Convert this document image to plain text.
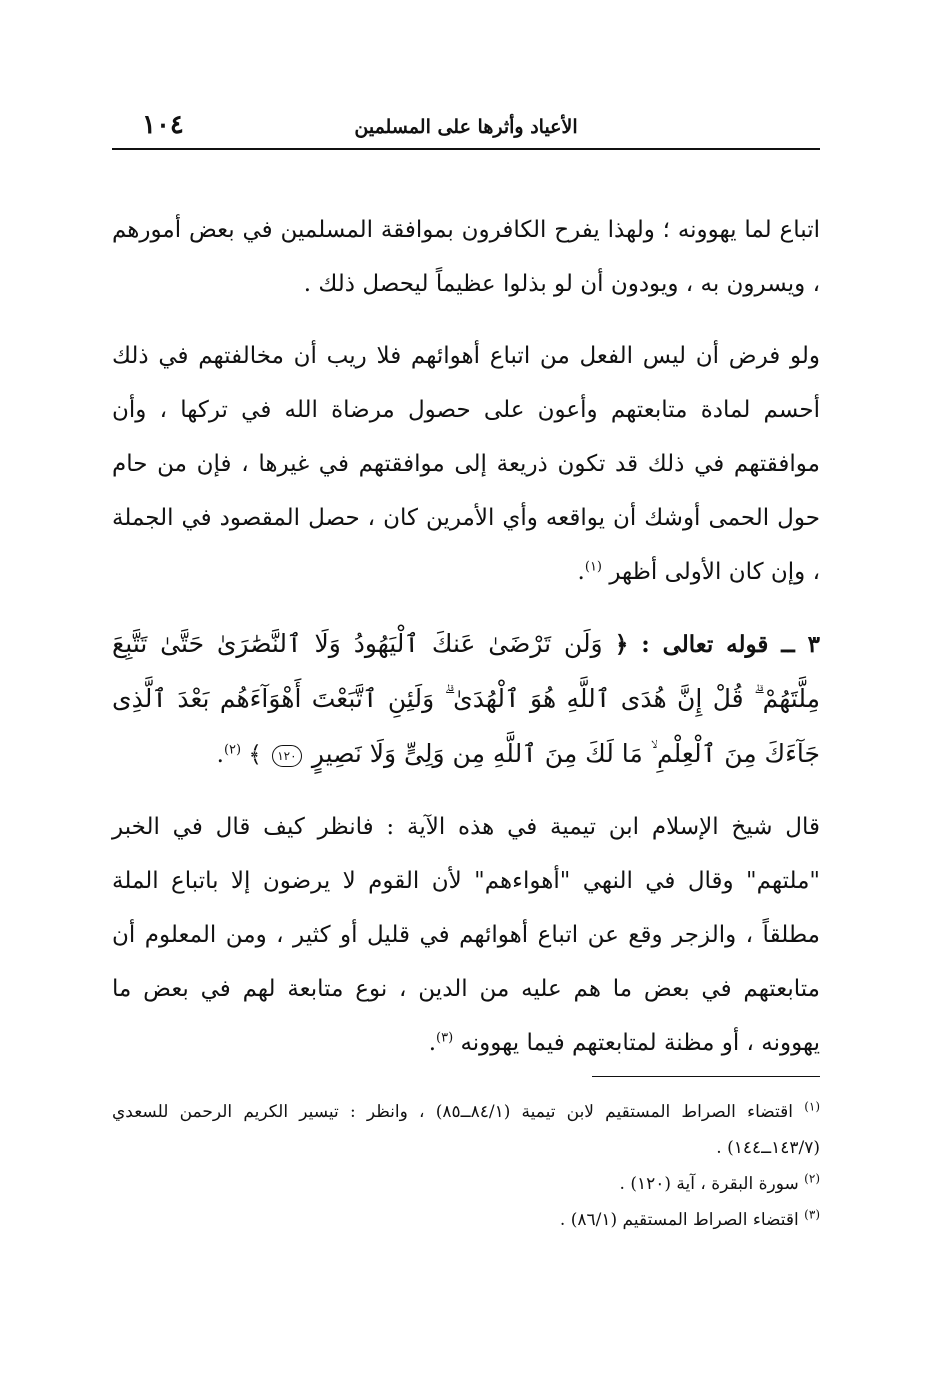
الأعياد وأثرها على المسلمين
١٠٤

اتباع لما يهوونه ؛ ولهذا يفرح الكافرون بموافقة المسلمين في بعض أمورهم ، ويسرون به ، ويودون أن لو بذلوا عظيماً ليحصل ذلك .

ولو فرض أن ليس الفعل من اتباع أهوائهم فلا ريب أن مخالفتهم في ذلك أحسم لمادة متابعتهم وأعون على حصول مرضاة الله في تركها ، وأن موافقتهم في ذلك قد تكون ذريعة إلى موافقتهم في غيرها ، فإن من حام حول الحمى أوشك أن يواقعه وأي الأمرين كان ، حصل المقصود في الجملة ، وإن كان الأولى أظهر $^{(١)}$.

٣ ــ قوله تعالى : ﴿ وَلَن تَرْضَىٰ عَنكَ ٱلْيَهُودُ وَلَا ٱلنَّصَٰرَىٰ حَتَّىٰ تَتَّبِعَ مِلَّتَهُمْ ۗ قُلْ إِنَّ هُدَى ٱللَّهِ هُوَ ٱلْهُدَىٰ ۗ وَلَئِنِ ٱتَّبَعْتَ أَهْوَآءَهُم بَعْدَ ٱلَّذِى جَآءَكَ مِنَ ٱلْعِلْمِ ۙ مَا لَكَ مِنَ ٱللَّهِ مِن وَلِىٍّ وَلَا نَصِيرٍ ١٢٠ ﴾ $^{(٢)}$.

قال شيخ الإسلام ابن تيمية في هذه الآية : فانظر كيف قال في الخبر "ملتهم" وقال في النهي "أهواءهم" لأن القوم لا يرضون إلا باتباع الملة مطلقاً ، والزجر وقع عن اتباع أهوائهم في قليل أو كثير ، ومن المعلوم أن متابعتهم في بعض ما هم عليه من الدين ، نوع متابعة لهم في بعض ما يهوونه ، أو مظنة لمتابعتهم فيما يهوونه $^{(٣)}$.

$^{(١)}$ اقتضاء الصراط المستقيم لابن تيمية (٨٤/١ــ٨٥) ، وانظر : تيسير الكريم الرحمن للسعدي (١٤٣/٧ــ١٤٤) .

$^{(٢)}$ سورة البقرة ، آية (١٢٠) .

$^{(٣)}$ اقتضاء الصراط المستقيم (٨٦/١) .
